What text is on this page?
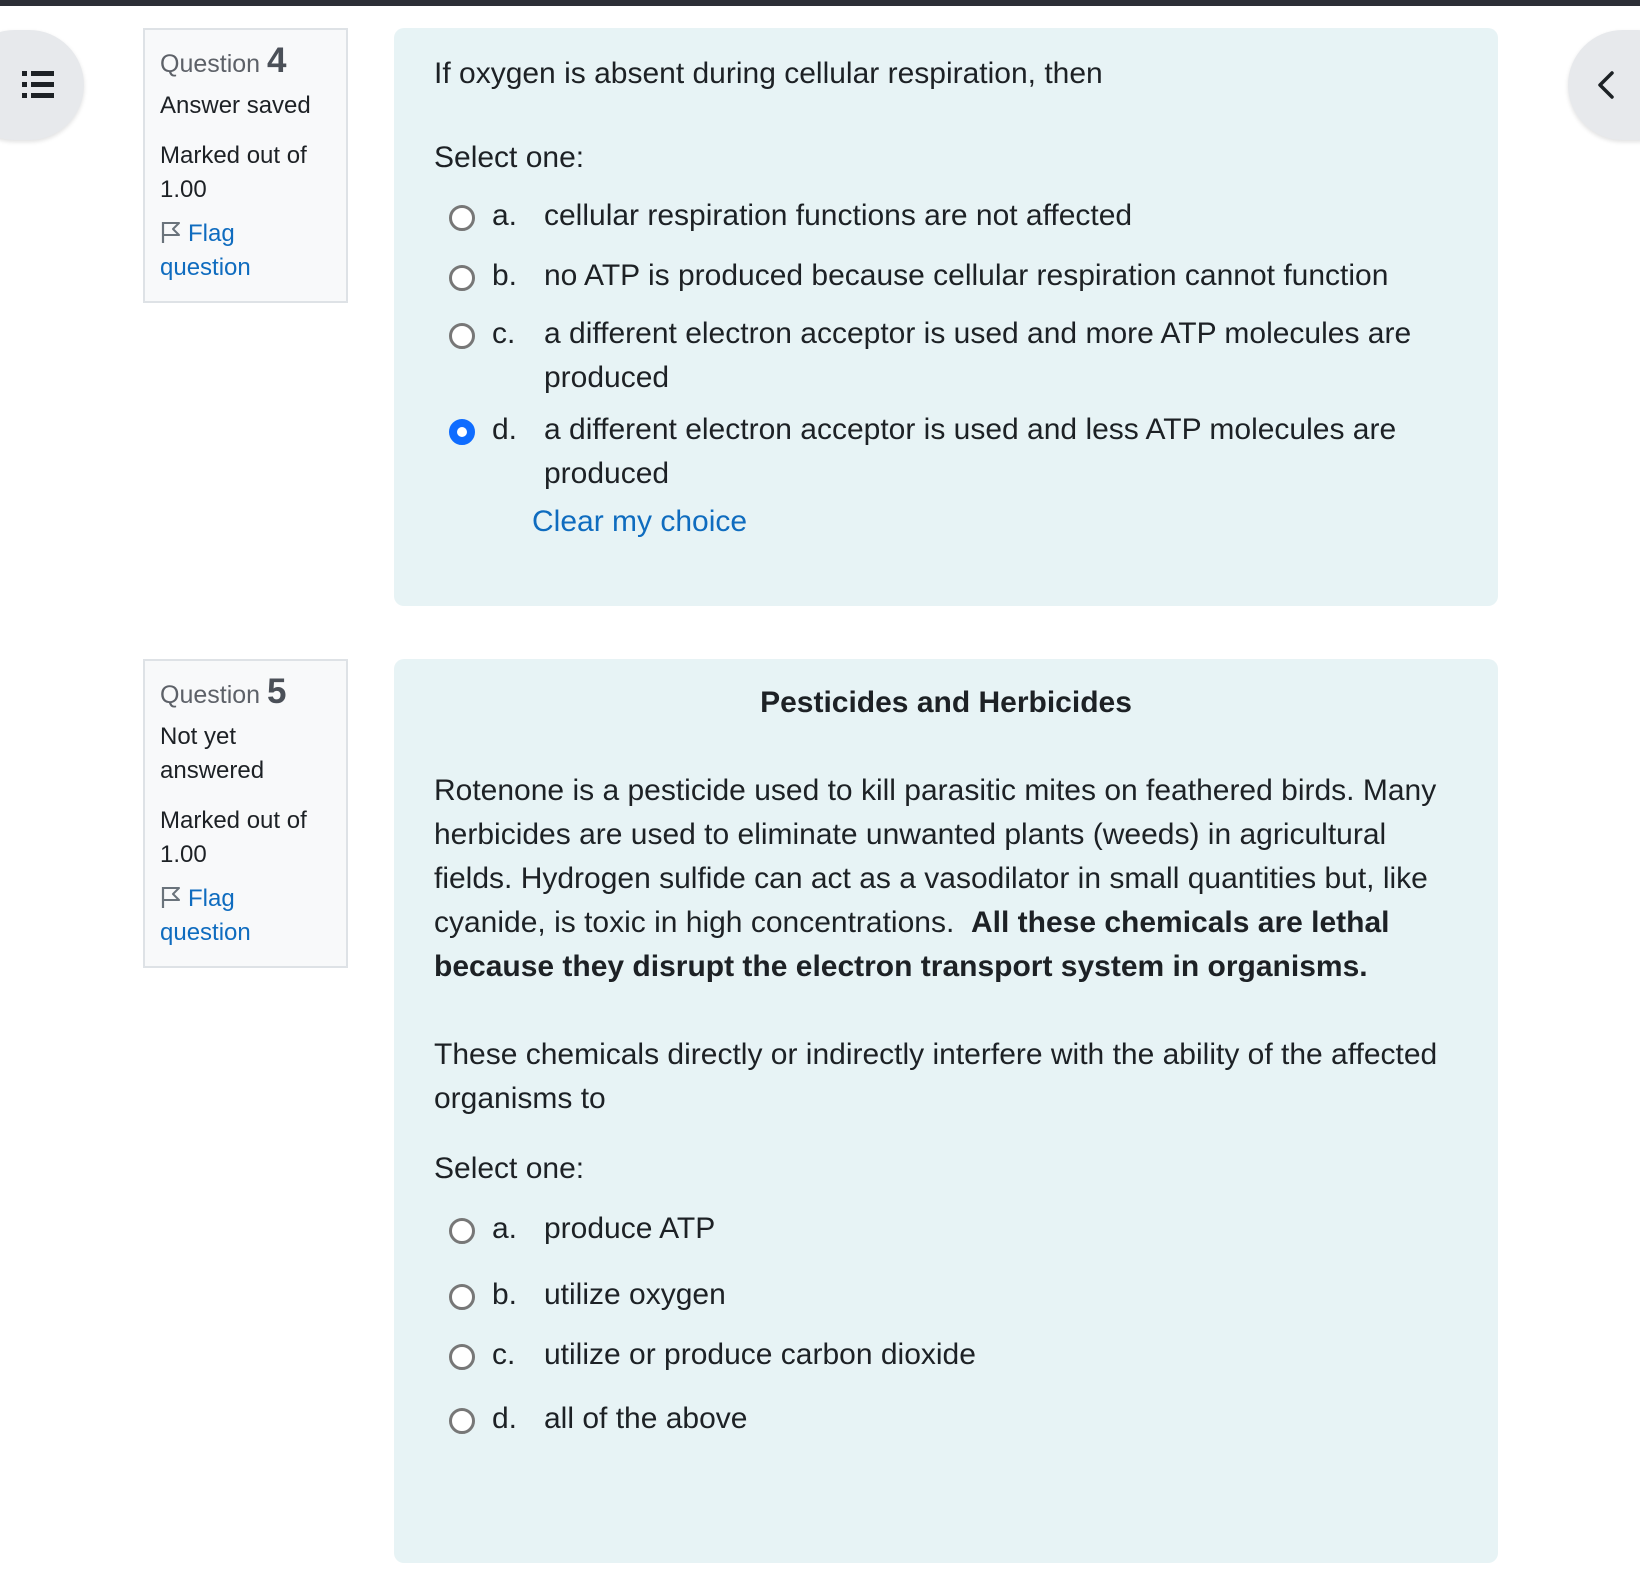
Question 4

Answer saved
Marked out of 1.00
Flag question

If oxygen is absent during cellular respiration, then

Select one:

a. cellular respiration functions are not affected
b. no ATP is produced because cellular respiration cannot function
c. a different electron acceptor is used and more ATP molecules are produced
d. a different electron acceptor is used and less ATP molecules are produced
Clear my choice

Question 5

Not yet answered
Marked out of 1.00
Flag question

Pesticides and Herbicides

Rotenone is a pesticide used to kill parasitic mites on feathered birds. Many herbicides are used to eliminate unwanted plants (weeds) in agricultural fields. Hydrogen sulfide can act as a vasodilator in small quantities but, like cyanide, is toxic in high concentrations. All these chemicals are lethal because they disrupt the electron transport system in organisms.

These chemicals directly or indirectly interfere with the ability of the affected organisms to

Select one:

a. produce ATP
b. utilize oxygen
c. utilize or produce carbon dioxide
d. all of the above
